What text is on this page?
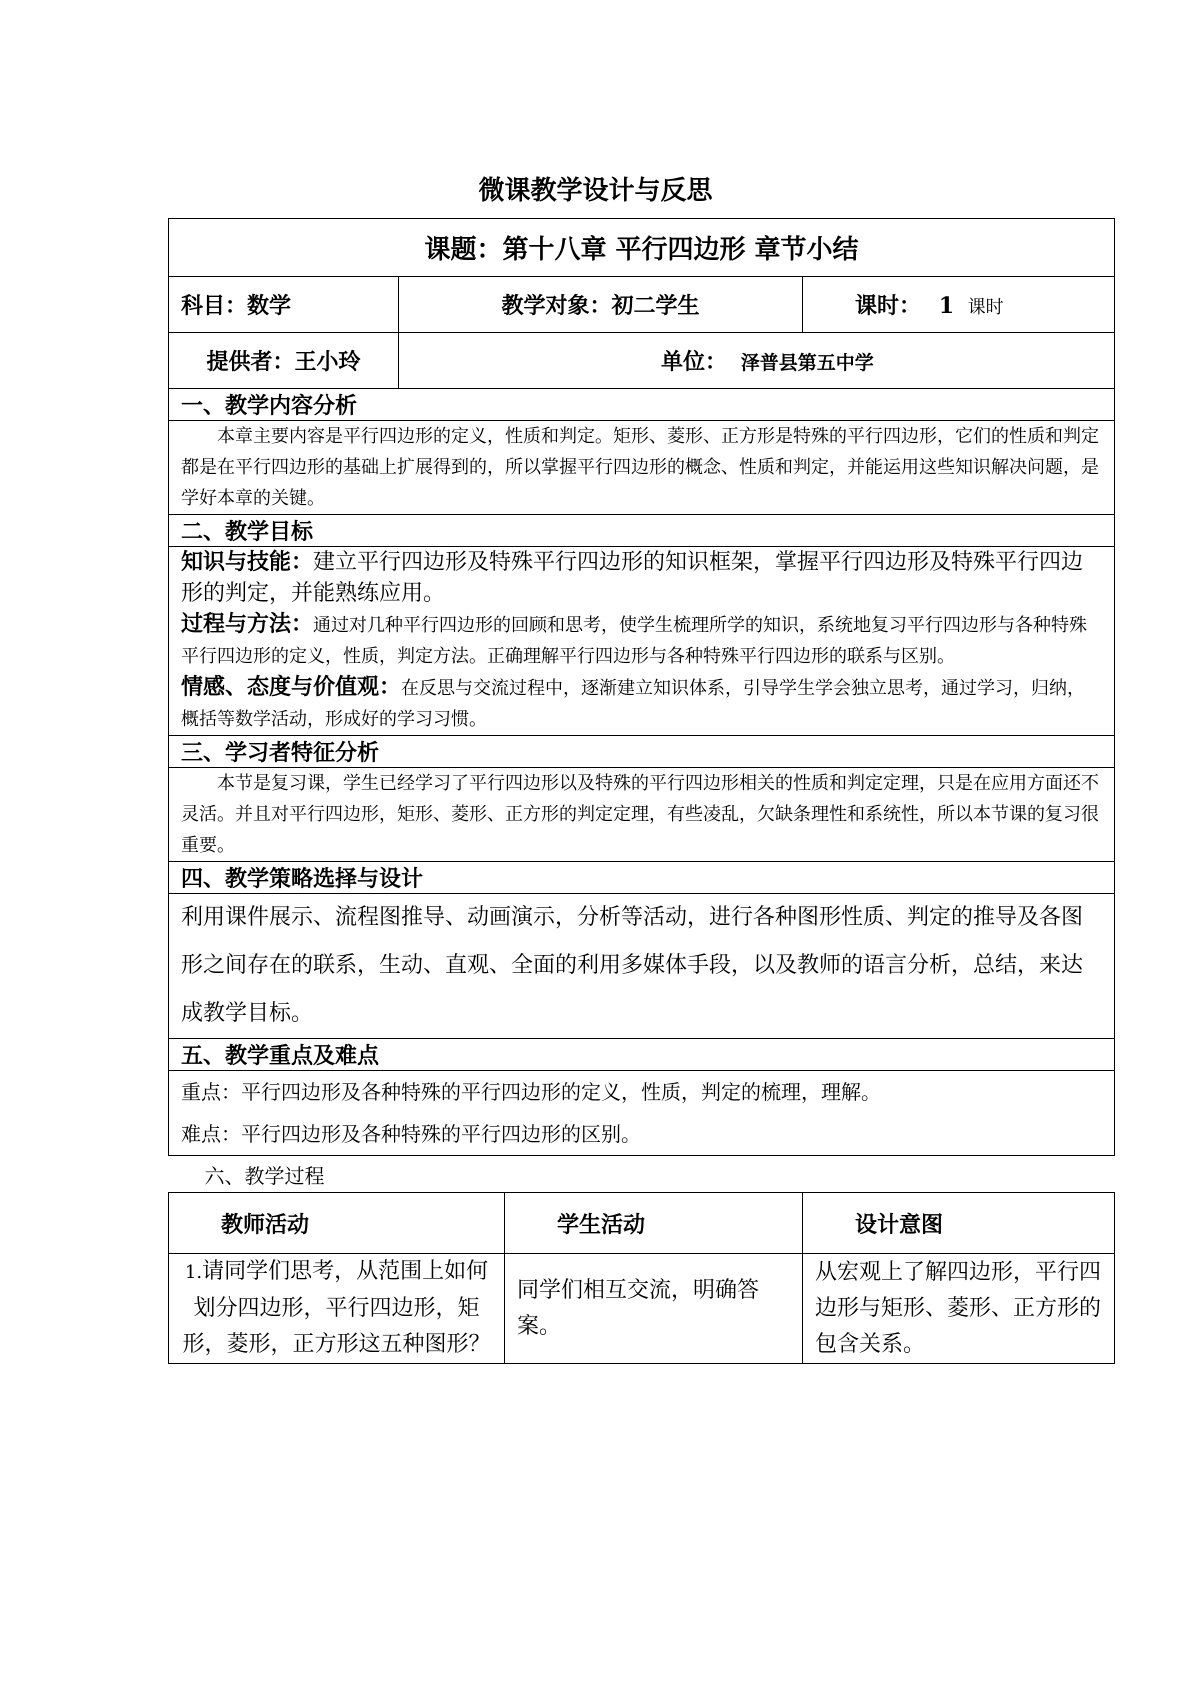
微课教学设计与反思
课题：第十八章 平行四边形 章节小结			
科目：数学	教学对象：初二学生		课时： 1 课时
提供者：王小玲	单位： 泽普县第五中学		
一、教学内容分析			

本章主要内容是平行四边形的定义，性质和判定。矩形、菱形、正方形是特殊的平行四边形，它们的性质和判定都是在平行四边形的基础上扩展得到的，所以掌握平行四边形的概念、性质和判定，并能运用这些知识解决问题，是学好本章的关键。			

二、教学目标			

知识与技能：建立平行四边形及特殊平行四边形的知识框架，掌握平行四边形及特殊平行四边形的判定，并能熟练应用。
过程与方法：通过对几种平行四边形的回顾和思考，使学生梳理所学的知识，系统地复习平行四边形与各种特殊平行四边形的定义，性质，判定方法。正确理解平行四边形与各种特殊平行四边形的联系与区别。
情感、态度与价值观：在反思与交流过程中，逐渐建立知识体系，引导学生学会独立思考，通过学习，归纳，概括等数学活动，形成好的学习习惯。			

三、学习者特征分析			

本节是复习课，学生已经学习了平行四边形以及特殊的平行四边形相关的性质和判定定理，只是在应用方面还不灵活。并且对平行四边形，矩形、菱形、正方形的判定定理，有些凌乱，欠缺条理性和系统性，所以本节课的复习很重要。			

四、教学策略选择与设计			
利用课件展示、流程图推导、动画演示，分析等活动，进行各种图形性质、判定的推导及各图形之间存在的联系，生动、直观、全面的利用多媒体手段，以及教师的语言分析，总结，来达成教学目标。			
五、教学重点及难点			

重点：平行四边形及各种特殊的平行四边形的定义，性质，判定的梳理，理解。
难点：平行四边形及各种特殊的平行四边形的区别。			

六、教学过程			
教师活动		学生活动	设计意图
1.请同学们思考，从范围上如何划分四边形，平行四边形，矩形，菱形，正方形这五种图形？		同学们相互交流，明确答案。	从宏观上了解四边形，平行四边形与矩形、菱形、正方形的包含关系。
